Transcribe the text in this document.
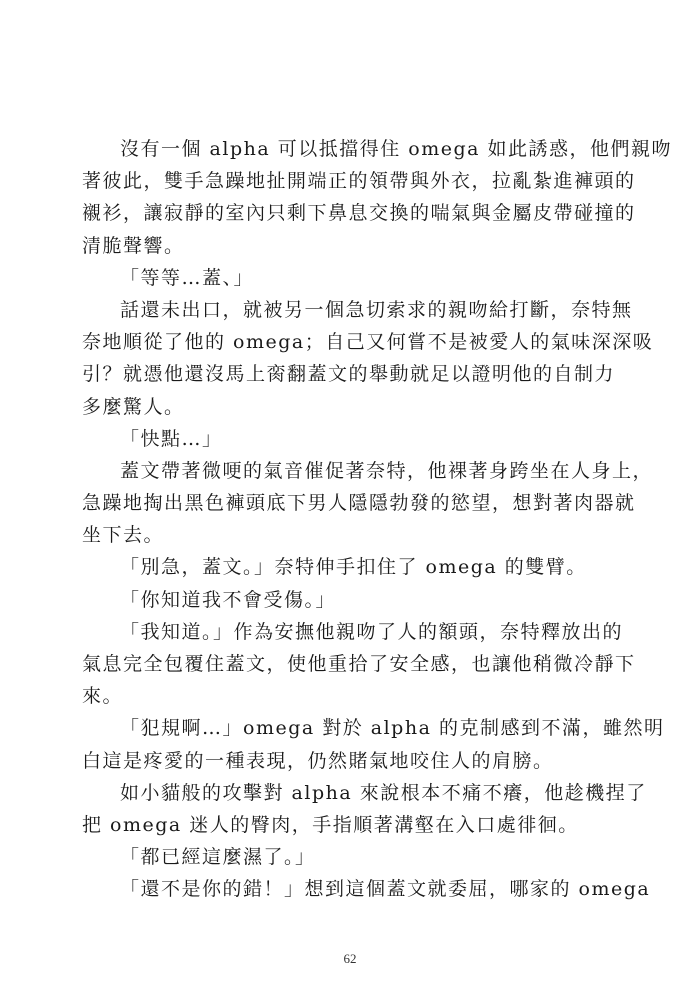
沒有一個 alpha 可以抵擋得住 omega 如此誘惑，他們親吻
著彼此，雙手急躁地扯開端正的領帶與外衣，拉亂紮進褲頭的
襯衫，讓寂靜的室內只剩下鼻息交換的喘氣與金屬皮帶碰撞的
清脆聲響。
「等等…蓋、」
話還未出口，就被另一個急切索求的親吻給打斷，奈特無
奈地順從了他的 omega；自己又何嘗不是被愛人的氣味深深吸
引？就憑他還沒馬上脔翻蓋文的舉動就足以證明他的自制力
多麼驚人。
「快點…」
蓋文帶著微哽的氣音催促著奈特，他裸著身跨坐在人身上，
急躁地掏出黑色褲頭底下男人隱隱勃發的慾望，想對著肉器就
坐下去。
「別急，蓋文。」奈特伸手扣住了 omega 的雙臂。
「你知道我不會受傷。」
「我知道。」作為安撫他親吻了人的額頭，奈特釋放出的
氣息完全包覆住蓋文，使他重拾了安全感，也讓他稍微冷靜下
來。
「犯規啊…」omega 對於 alpha 的克制感到不滿，雖然明
白這是疼愛的一種表現，仍然賭氣地咬住人的肩膀。
如小貓般的攻擊對 alpha 來說根本不痛不癢，他趁機捏了
把 omega 迷人的臀肉，手指順著溝壑在入口處徘徊。
「都已經這麼濕了。」
「還不是你的錯！」想到這個蓋文就委屈，哪家的 omega
62
